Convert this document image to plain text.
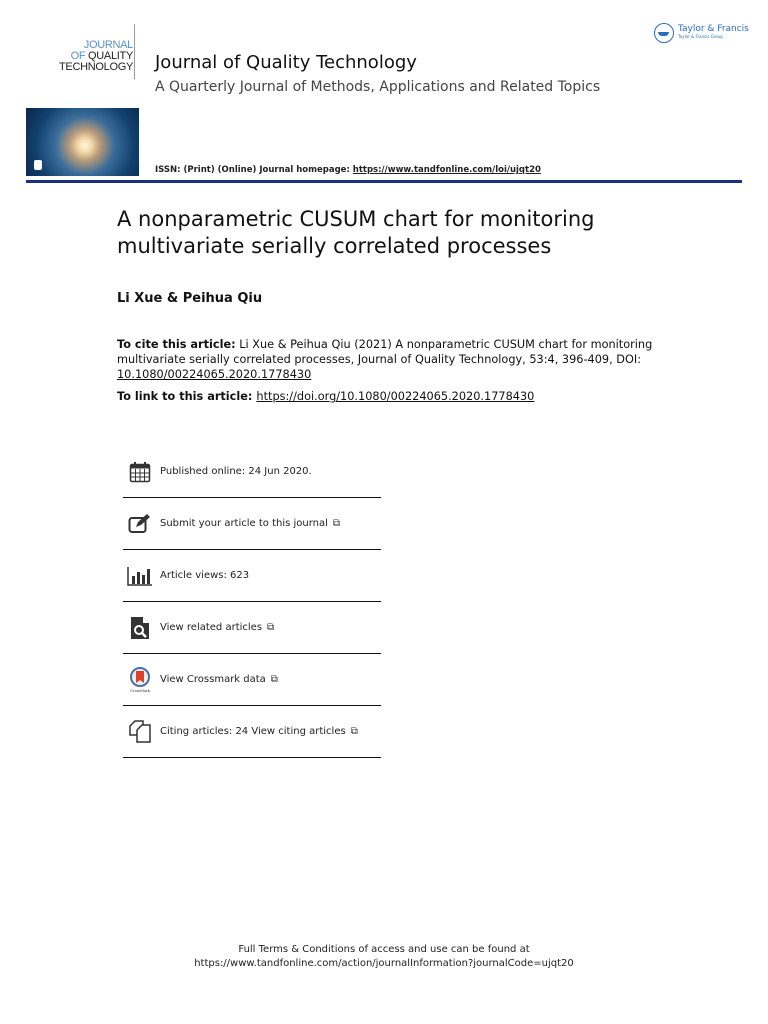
JOURNAL
OF QUALITY
TECHNOLOGY Journal of Quality Technology
A Quarterly Journal of Methods, Applications and Related Topics
ISSN: (Print) (Online) Journal homepage: https://www.tandfonline.com/loi/ujqt20
Taylor & Francis
Taylor & Francis Group
A nonparametric CUSUM chart for monitoring multivariate serially correlated processes
Li Xue & Peihua Qiu
To cite this article: Li Xue & Peihua Qiu (2021) A nonparametric CUSUM chart for monitoring multivariate serially correlated processes, Journal of Quality Technology, 53:4, 396-409, DOI: 10.1080/00224065.2020.1778430
To link to this article: https://doi.org/10.1080/00224065.2020.1778430
Published online: 24 Jun 2020.
Submit your article to this journal ⧉
Article views: 623
View related articles ⧉
CrossMark
View Crossmark data ⧉
Citing articles: 24 View citing articles ⧉
Full Terms & Conditions of access and use can be found at
https://www.tandfonline.com/action/journalInformation?journalCode=ujqt20
